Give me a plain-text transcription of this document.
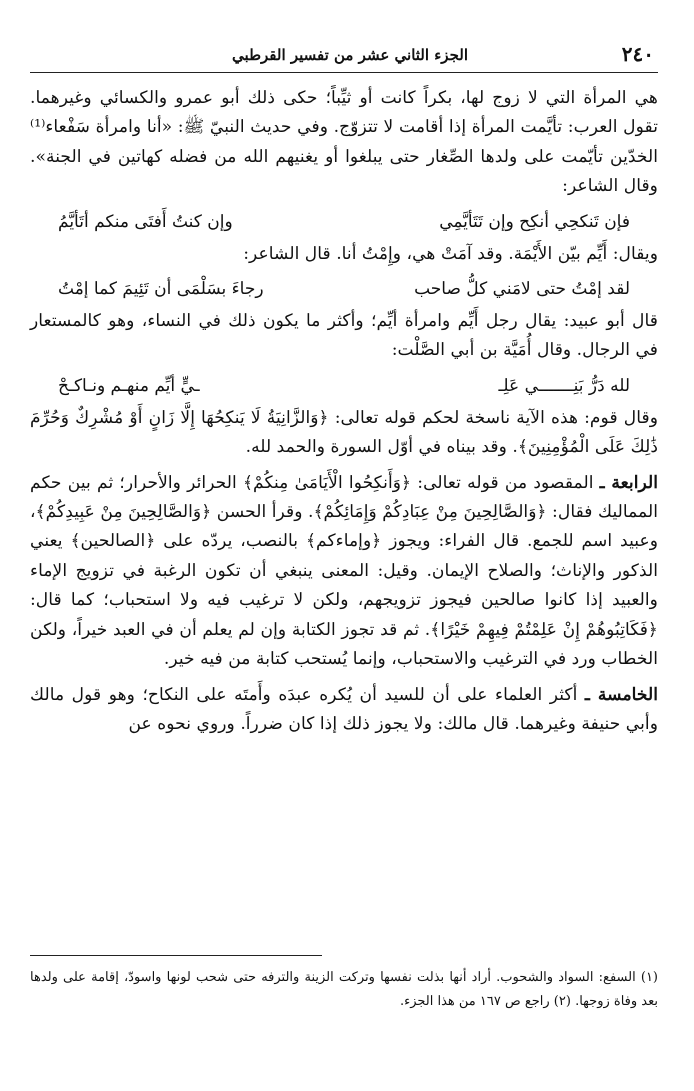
٢٤٠
الجزء الثاني عشر من تفسير القرطبي

هي المرأة التي لا زوج لها، بكراً كانت أو ثيِّباً؛ حكى ذلك أبو عمرو والكسائي وغيرهما. تقول العرب: تأيَّمت المرأة إذا أقامت لا تتزوّج. وفي حديث النبيّ ﷺ: «أنا وامرأة سَفْعاء⁽¹⁾ الخدّين تأيّمت على ولدها الصِّغار حتى يبلغوا أو يغنيهم الله من فضله كهاتين في الجنة». وقال الشاعر:

فإن تَنكحِي أنكِح وإن تَتَأيَّمِي
وإن كنتُ أَفتَى منكم أتَأيَّمُ

ويقال: أَيِّم بيّن الأَيْمَة. وقد آمَتْ هي، وإِمْتُ أنا. قال الشاعر:

لقد إمْتُ حتى لامَني كلُّ صاحب
رجاءَ بسَلْمَى أن تَئِيمَ كما إمْتُ

قال أبو عبيد: يقال رجل أَيِّم وامرأة أيِّم؛ وأكثر ما يكون ذلك في النساء، وهو كالمستعار في الرجال. وقال أُمَيَّة بن أبي الصَّلْت:

لله دَرُّ بَنِـــــــي عَلِـ
ـيٍّ أيِّم منهـم ونـاكـحْ

وقال قوم: هذه الآية ناسخة لحكم قوله تعالى: ﴿وَالزَّانِيَةُ لَا يَنكِحُهَا إِلَّا زَانٍ أَوْ مُشْرِكٌ وَحُرِّمَ ذَٰلِكَ عَلَى الْمُؤْمِنِينَ﴾. وقد بيناه في أوّل السورة والحمد لله.

الرابعة ـ المقصود من قوله تعالى: ﴿وَأَنكِحُوا الْأَيَامَىٰ مِنكُمْ﴾ الحرائر والأحرار؛ ثم بين حكم المماليك فقال: ﴿وَالصَّالِحِينَ مِنْ عِبَادِكُمْ وَإِمَائِكُمْ﴾. وقرأ الحسن ﴿وَالصَّالِحِينَ مِنْ عَبِيدِكُمْ﴾، وعبيد اسم للجمع. قال الفراء: ويجوز ﴿وإماءكم﴾ بالنصب، يردّه على ﴿الصالحين﴾ يعني الذكور والإناث؛ والصلاح الإيمان. وقيل: المعنى ينبغي أن تكون الرغبة في تزويج الإماء والعبيد إذا كانوا صالحين فيجوز تزويجهم، ولكن لا ترغيب فيه ولا استحباب؛ كما قال: ﴿فَكَاتِبُوهُمْ إِنْ عَلِمْتُمْ فِيهِمْ خَيْرًا﴾. ثم قد تجوز الكتابة وإن لم يعلم أن في العبد خيراً، ولكن الخطاب ورد في الترغيب والاستحباب، وإنما يُستحب كتابة من فيه خير.

الخامسة ـ أكثر العلماء على أن للسيد أن يُكره عبدَه وأَمتَه على النكاح؛ وهو قول مالك وأبي حنيفة وغيرهما. قال مالك: ولا يجوز ذلك إذا كان ضرراً. وروي نحوه عن

(١) السفع: السواد والشحوب. أراد أنها بذلت نفسها وتركت الزينة والترفه حتى شحب لونها واسودّ، إقامة على ولدها بعد وفاة زوجها. (٢) راجع ص ١٦٧ من هذا الجزء.
